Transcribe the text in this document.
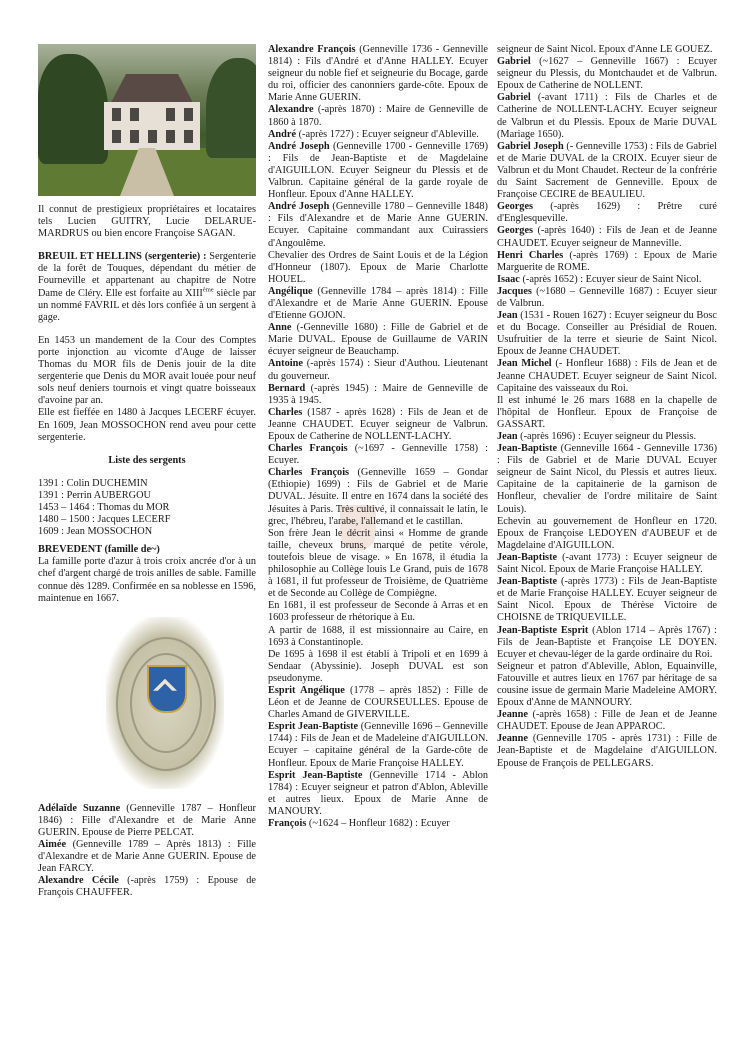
Il connut de prestigieux propriétaires et locataires tels Lucien GUITRY, Lucie DELARUE-MARDRUS ou bien encore Françoise SAGAN.

BREUIL ET HELLINS (sergenterie) : Sergenterie de la forêt de Touques, dépendant du métier de Fourneville et appartenant au chapitre de Notre Dame de Cléry. Elle est forfaite au XIIIème siècle par un nommé FAVRIL et dès lors confiée à un sergent à gage.

En 1453 un mandement de la Cour des Comptes porte injonction au vicomte d'Auge de laisser Thomas du MOR fils de Denis jouir de la dite sergenterie que Denis du MOR avait louée pour neuf sols neuf deniers tournois et vingt quatre boisseaux d'avoine par an.

Elle est fieffée en 1480 à Jacques LECERF écuyer. En 1609, Jean MOSSOCHON rend aveu pour cette sergenterie.

Liste des sergents

1391 : Colin DUCHEMIN
1391 : Perrin AUBERGOU
1453 – 1464 : Thomas du MOR
1480 – 1500 : Jacques LECERF
1609 : Jean MOSSOCHON

BREVEDENT (famille de~)

La famille porte d'azur à trois croix ancrée d'or à un chef d'argent chargé de trois anilles de sable. Famille connue dès 1289. Confirmée en sa noblesse en 1596, maintenue en 1667.

Adélaïde Suzanne (Genneville 1787 – Honfleur 1846) : Fille d'Alexandre et de Marie Anne GUERIN. Epouse de Pierre PELCAT.

Aimée (Genneville 1789 – Après 1813) : Fille d'Alexandre et de Marie Anne GUERIN. Epouse de Jean FARCY.

Alexandre Cécile (-après 1759) : Epouse de François CHAUFFER.

Alexandre François (Genneville 1736 - Genneville 1814) : Fils d'André et d'Anne HALLEY. Ecuyer seigneur du noble fief et seigneurie du Bocage, garde du roi, officier des canonniers garde-côte. Epoux de Marie Anne GUERIN.

Alexandre (-après 1870) : Maire de Genneville de 1860 à 1870.

André (-après 1727) : Ecuyer seigneur d'Ableville.

André Joseph (Genneville 1700 - Genneville 1769) : Fils de Jean-Baptiste et de Magdelaine d'AIGUILLON. Ecuyer Seigneur du Plessis et de Valbrun. Capitaine général de la garde royale de Honfleur. Epoux d'Anne HALLEY.

André Joseph (Genneville 1780 – Genneville 1848) : Fils d'Alexandre et de Marie Anne GUERIN. Ecuyer. Capitaine commandant aux Cuirassiers d'Angoulême.

Chevalier des Ordres de Saint Louis et de la Légion d'Honneur (1807). Epoux de Marie Charlotte HOUEL.

Angélique (Genneville 1784 – après 1814) : Fille d'Alexandre et de Marie Anne GUERIN. Epouse d'Etienne GOJON.

Anne (-Genneville 1680) : Fille de Gabriel et de Marie DUVAL. Epouse de Guillaume de VARIN écuyer seigneur de Beauchamp.

Antoine (-après 1574) : Sieur d'Authou. Lieutenant du gouverneur.

Bernard (-après 1945) : Maire de Genneville de 1935 à 1945.

Charles (1587 - après 1628) : Fils de Jean et de Jeanne CHAUDET. Ecuyer seigneur de Valbrun. Epoux de Catherine de NOLLENT-LACHY.

Charles François (~1697 - Genneville 1758) : Ecuyer.

Charles François (Genneville 1659 – Gondar (Ethiopie) 1699) : Fils de Gabriel et de Marie DUVAL. Jésuite. Il entre en 1674 dans la société des Jésuites à Paris. Très cultivé, il connaissait le latin, le grec, l'hébreu, l'arabe, l'allemand et le castillan.

Son frère Jean le décrit ainsi « Homme de grande taille, cheveux bruns, marqué de petite vérole, toutefois bleue de visage. » En 1678, il étudia la philosophie au Collège louis Le Grand, puis de 1678 à 1681, il fut professeur de Troisième, de Quatrième et de Seconde au Collège de Compiègne.

En 1681, il est professeur de Seconde à Arras et en 1603 professeur de rhétorique à Eu.

A partir de 1688, il est missionnaire au Caire, en 1693 à Constantinople.

De 1695 à 1698 il est établi à Tripoli et en 1699 à Sendaar (Abyssinie). Joseph DUVAL est son pseudonyme.

Esprit Angélique (1778 – après 1852) : Fille de Léon et de Jeanne de COURSEULLES. Epouse de Charles Amand de GIVERVILLE.

Esprit Jean-Baptiste (Genneville 1696 – Genneville 1744) : Fils de Jean et de Madeleine d'AIGUILLON. Ecuyer – capitaine général de la Garde-côte de Honfleur. Epoux de Marie Françoise HALLEY.

Esprit Jean-Baptiste (Genneville 1714 - Ablon 1784) : Ecuyer seigneur et patron d'Ablon, Ableville et autres lieux. Epoux de Marie Anne de MANOURY.

François (~1624 – Honfleur 1682) : Ecuyer

seigneur de Saint Nicol. Epoux d'Anne LE GOUEZ.

Gabriel (~1627 – Genneville 1667) : Ecuyer seigneur du Plessis, du Montchaudet et de Valbrun. Epoux de Catherine de NOLLENT.

Gabriel (-avant 1711) : Fils de Charles et de Catherine de NOLLENT-LACHY. Ecuyer seigneur de Valbrun et du Plessis. Epoux de Marie DUVAL (Mariage 1650).

Gabriel Joseph (- Genneville 1753) : Fils de Gabriel et de Marie DUVAL de la CROIX. Ecuyer sieur de Valbrun et du Mont Chaudet. Recteur de la confrérie du Saint Sacrement de Genneville. Epoux de Françoise CECIRE de BEAULIEU.

Georges (-après 1629) : Prêtre curé d'Englesqueville.

Georges (-après 1640) : Fils de Jean et de Jeanne CHAUDET. Ecuyer seigneur de Manneville.

Henri Charles (-après 1769) : Epoux de Marie Marguerite de ROME.

Isaac (-après 1652) : Ecuyer sieur de Saint Nicol.

Jacques (~1680 – Genneville 1687) : Ecuyer sieur de Valbrun.

Jean (1531 - Rouen 1627) : Ecuyer seigneur du Bosc et du Bocage. Conseiller au Présidial de Rouen. Usufruitier de la terre et sieurie de Saint Nicol. Epoux de Jeanne CHAUDET.

Jean Michel (- Honfleur 1688) : Fils de Jean et de Jeanne CHAUDET. Ecuyer seigneur de Saint Nicol. Capitaine des vaisseaux du Roi.

Il est inhumé le 26 mars 1688 en la chapelle de l'hôpital de Honfleur. Epoux de Françoise de GASSART.

Jean (-après 1696) : Ecuyer seigneur du Plessis.

Jean-Baptiste (Genneville 1664 - Genneville 1736) : Fils de Gabriel et de Marie DUVAL Ecuyer seigneur de Saint Nicol, du Plessis et autres lieux. Capitaine de la capitainerie de la garnison de Honfleur, chevalier de l'ordre militaire de Saint Louis).

Echevin au gouvernement de Honfleur en 1720. Epoux de Françoise LEDOYEN d'AUBEUF et de Magdelaine d'AIGUILLON.

Jean-Baptiste (-avant 1773) : Ecuyer seigneur de Saint Nicol. Epoux de Marie Françoise HALLEY.

Jean-Baptiste (-après 1773) : Fils de Jean-Baptiste et de Marie Françoise HALLEY. Ecuyer seigneur de Saint Nicol. Epoux de Thérèse Victoire de CHOISNE de TRIQUEVILLE.

Jean-Baptiste Esprit (Ablon 1714 – Après 1767) : Fils de Jean-Baptiste et Françoise LE DOYEN. Ecuyer et chevau-léger de la garde ordinaire du Roi.

Seigneur et patron d'Ableville, Ablon, Equainville, Fatouville et autres lieux en 1767 par héritage de sa cousine issue de germain Marie Madeleine AMORY. Epoux d'Anne de MANNOURY.

Jeanne (-après 1658) : Fille de Jean et de Jeanne CHAUDET. Epouse de Jean APPAROC.

Jeanne (Genneville 1705 - après 1731) : Fille de Jean-Baptiste et de Magdelaine d'AIGUILLON. Epouse de François de PELLEGARS.
